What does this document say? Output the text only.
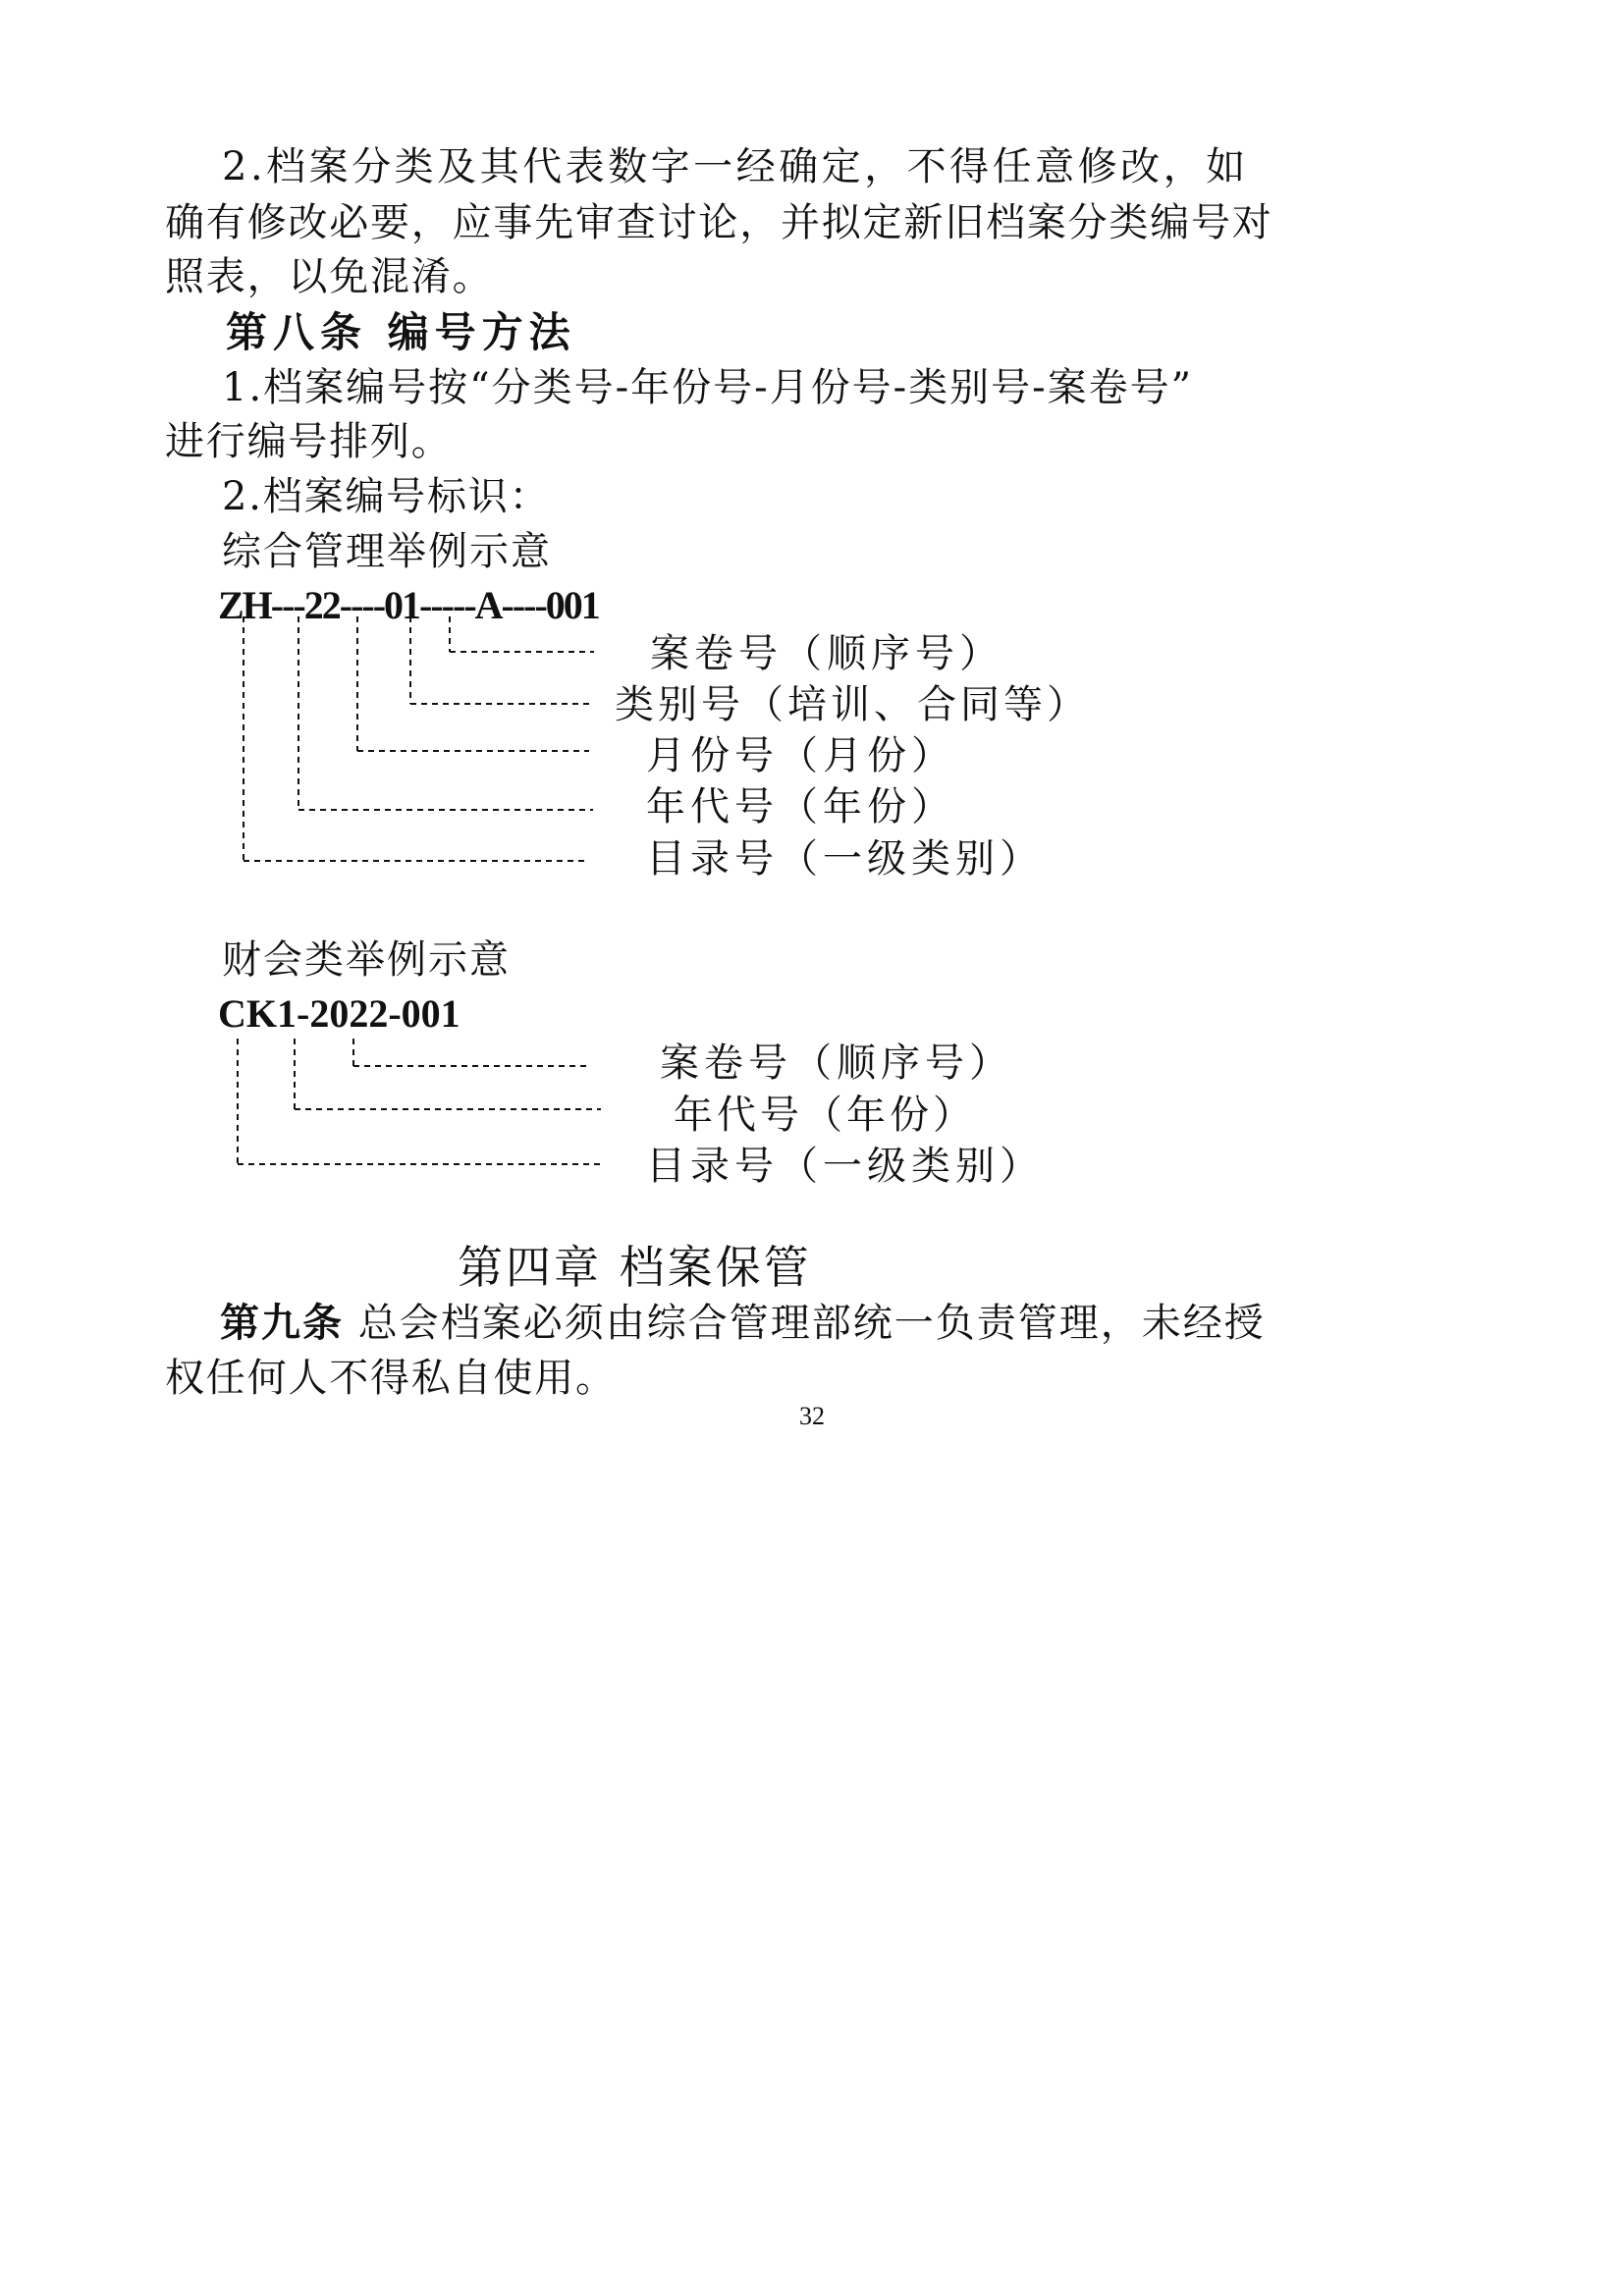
2.档案分类及其代表数字一经确定，不得任意修改，如
确有修改必要，应事先审查讨论，并拟定新旧档案分类编号对
照表，以免混淆。
第八条 编号方法
1.档案编号按“分类号-年份号-月份号-类别号-案卷号”
进行编号排列。
2.档案编号标识：
综合管理举例示意
ZH---22----01-----A----001
案卷号（顺序号）
类别号（培训、合同等）
月份号（月份）
年代号（年份）
目录号（一级类别）
财会类举例示意
CK1-2022-001
案卷号（顺序号）
年代号（年份）
目录号（一级类别）
第四章 档案保管
第九条 总会档案必须由综合管理部统一负责管理，未经授
权任何人不得私自使用。
32
